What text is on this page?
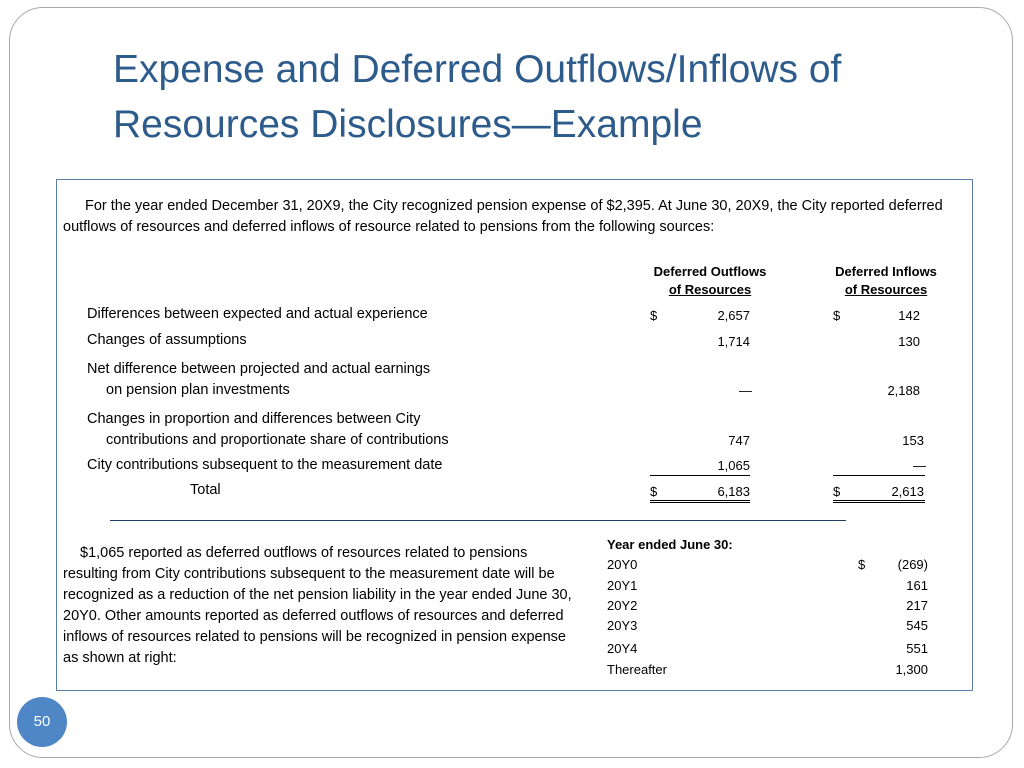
Expense and Deferred Outflows/Inflows of
Resources Disclosures—Example

For the year ended December 31, 20X9, the City recognized pension expense of $2,395. At June 30, 20X9, the City reported deferred outflows of resources and deferred inflows of resource related to pensions from the following sources:

Deferred Outflows
of Resources
Deferred Inflows
of Resources
Differences between expected and actual experience	$	2,657	$	142
Changes of assumptions	1,714	130
Net difference between projected and actual earnings
on pension plan investments	—	2,188
Changes in proportion and differences between City
contributions and proportionate share of contributions	747	153
City contributions subsequent to the measurement date	1,065	—
Total	$	6,183	$	2,613

$1,065 reported as deferred outflows of resources related to pensions resulting from City contributions subsequent to the measurement date will be recognized as a reduction of the net pension liability in the year ended June 30, 20Y0. Other amounts reported as deferred outflows of resources and deferred inflows of resources related to pensions will be recognized in pension expense as shown at right:

Year ended June 30:
20Y0	$ (269)
20Y1	161
20Y2	217
20Y3	545
20Y4	551
Thereafter	1,300
50
